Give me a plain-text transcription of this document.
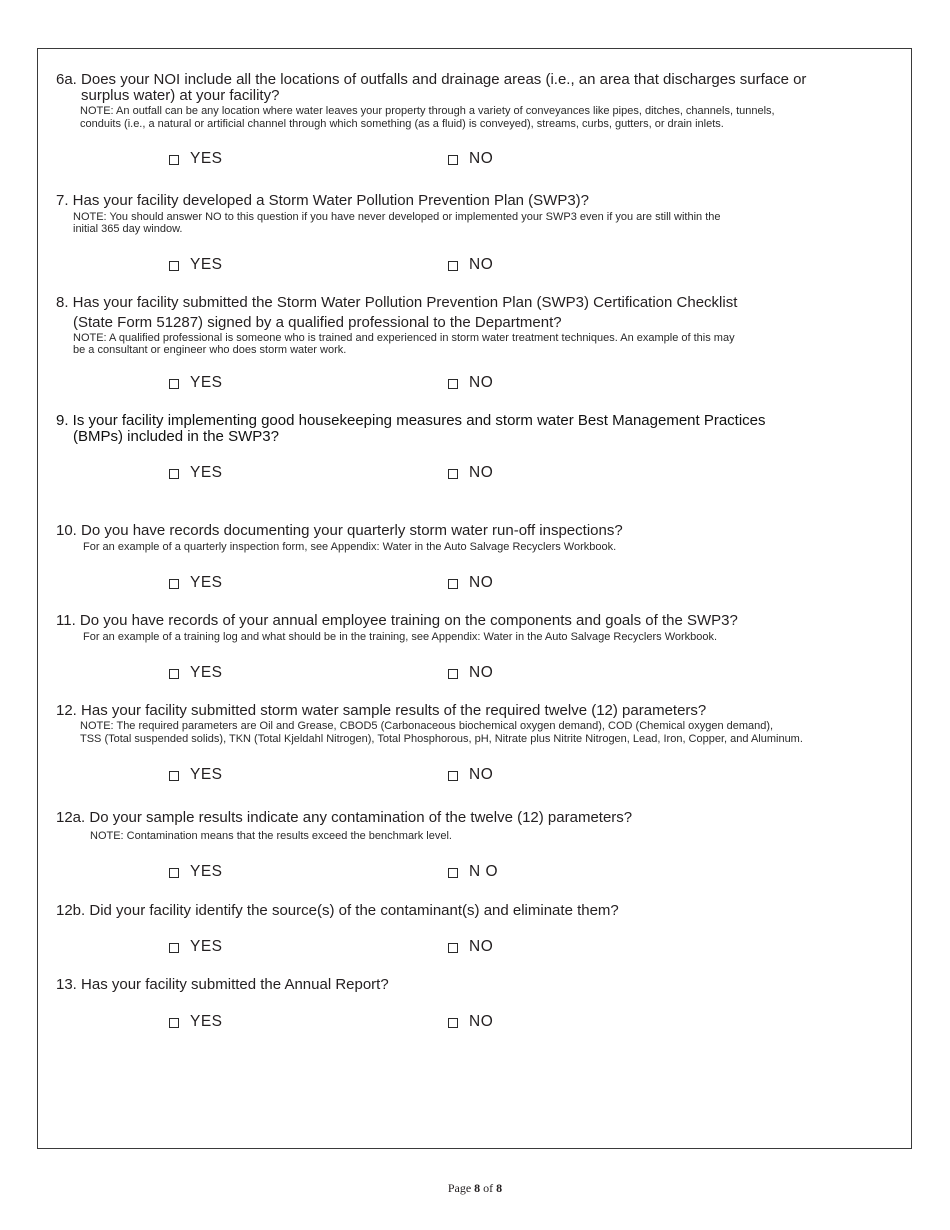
6a. Does your NOI include all the locations of outfalls and drainage areas (i.e., an area that discharges surface or
surplus water) at your facility?
NOTE: An outfall can be any location where water leaves your property through a variety of conveyances like pipes, ditches, channels, tunnels,
conduits (i.e., a natural or artificial channel through which something (as a fluid) is conveyed), streams, curbs, gutters, or drain inlets.
YES	NO
7. Has your facility developed a Storm Water Pollution Prevention Plan (SWP3)?
NOTE: You should answer NO to this question if you have never developed or implemented your SWP3 even if you are still within the
initial 365 day window.
YES	NO
8. Has your facility submitted the Storm Water Pollution Prevention Plan (SWP3) Certification Checklist
(State Form 51287) signed by a qualified professional to the Department?
NOTE: A qualified professional is someone who is trained and experienced in storm water treatment techniques. An example of this may
be a consultant or engineer who does storm water work.
YES	NO
9. Is your facility implementing good housekeeping measures and storm water Best Management Practices
(BMPs) included in the SWP3?
YES	NO
10. Do you have records documenting your quarterly storm water run-off inspections?
For an example of a quarterly inspection form, see Appendix: Water in the Auto Salvage Recyclers Workbook.
YES	NO
11. Do you have records of your annual employee training on the components and goals of the SWP3?
For an example of a training log and what should be in the training, see Appendix: Water in the Auto Salvage Recyclers Workbook.
YES	NO
12. Has your facility submitted storm water sample results of the required twelve (12) parameters?
NOTE: The required parameters are Oil and Grease, CBOD5 (Carbonaceous biochemical oxygen demand), COD (Chemical oxygen demand),
TSS (Total suspended solids), TKN (Total Kjeldahl Nitrogen), Total Phosphorous, pH, Nitrate plus Nitrite Nitrogen, Lead, Iron, Copper, and Aluminum.
YES	NO
12a. Do your sample results indicate any contamination of the twelve (12) parameters?
NOTE: Contamination means that the results exceed the benchmark level.
YES	N O
12b. Did your facility identify the source(s) of the contaminant(s) and eliminate them?
YES	NO
13. Has your facility submitted the Annual Report?
YES	NO
Page 8 of 8
